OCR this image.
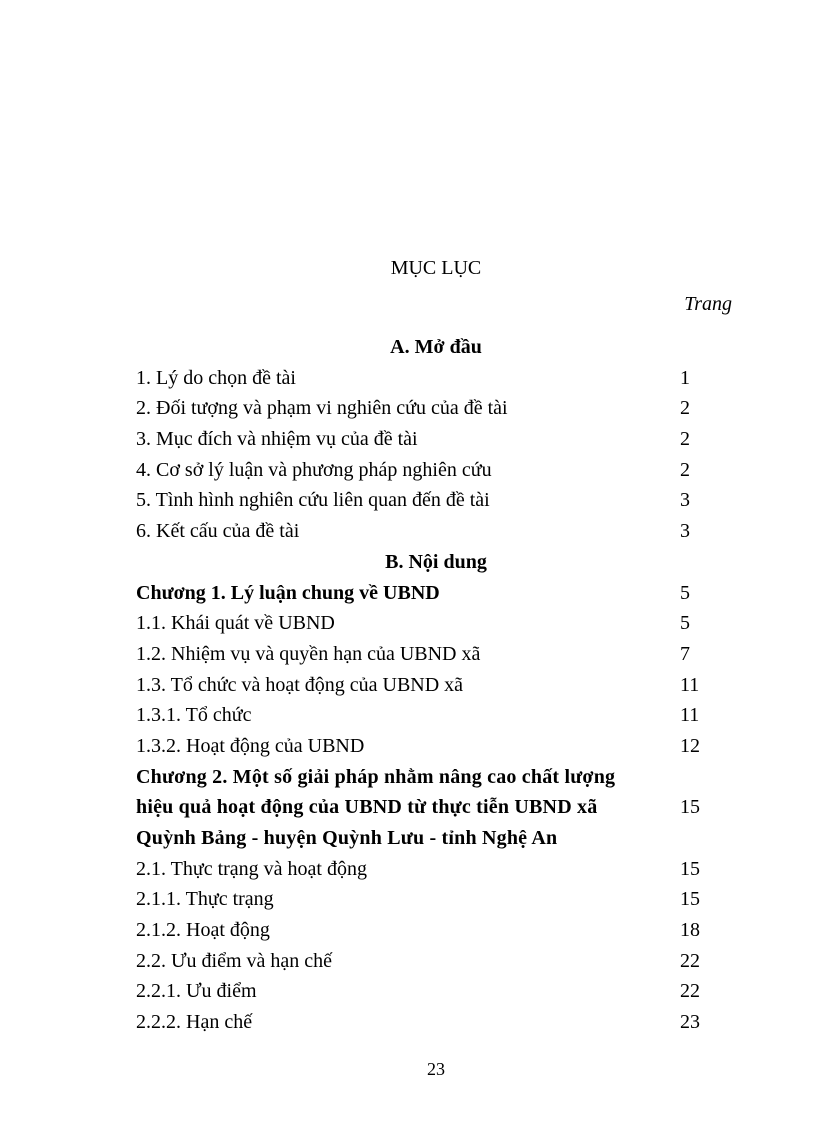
MỤC LỤC
Trang
A. Mở đầu
1. Lý do chọn đề tài	1
2. Đối tượng và phạm vi nghiên cứu của đề tài	2
3. Mục đích và nhiệm vụ của đề tài	2
4. Cơ sở lý luận và phương pháp nghiên cứu	2
5. Tình hình nghiên cứu liên quan đến đề tài	3
6. Kết cấu của đề tài	3
B. Nội dung
Chương 1. Lý luận chung về UBND	5
1.1. Khái quát về UBND	5
1.2. Nhiệm vụ và quyền hạn của UBND xã	7
1.3. Tổ chức và hoạt động của UBND xã	11
1.3.1. Tổ chức	11
1.3.2. Hoạt động của UBND	12
Chương 2. Một số giải pháp nhằm nâng cao chất lượng
hiệu quả hoạt động của UBND từ thực tiễn UBND xã	15
Quỳnh Bảng - huyện Quỳnh Lưu - tỉnh Nghệ An
2.1. Thực trạng và hoạt động	15
2.1.1. Thực trạng	15
2.1.2. Hoạt động	18
2.2. Ưu điểm và hạn chế	22
2.2.1. Ưu điểm	22
2.2.2. Hạn chế	23
23
